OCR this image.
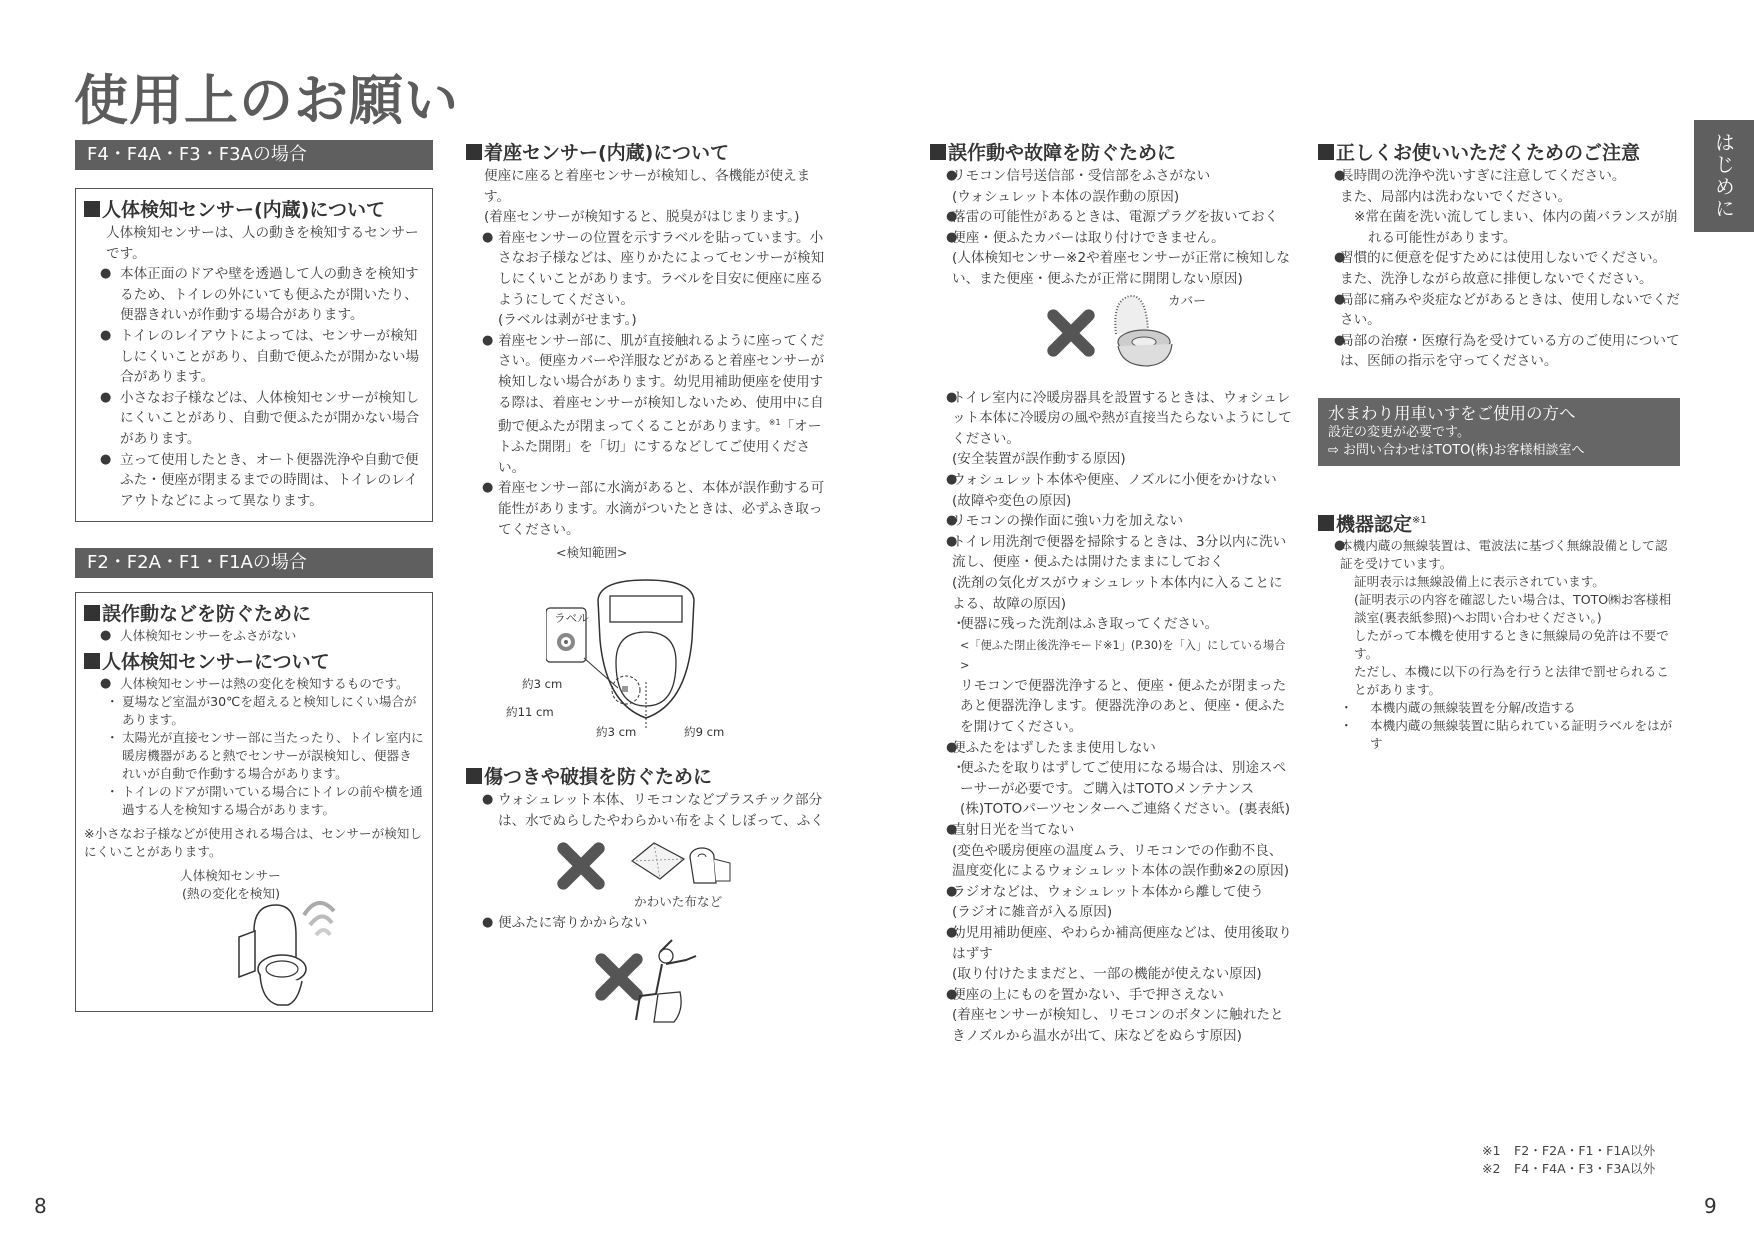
使用上のお願い
はじめに
F4・F4A・F3・F3Aの場合
人体検知センサー(内蔵)について
人体検知センサーは、人の動きを検知するセンサーです。
● 本体正面のドアや壁を透過して人の動きを検知するため、トイレの外にいても便ふたが開いたり、便器きれいが作動する場合があります。
● トイレのレイアウトによっては、センサーが検知しにくいことがあり、自動で便ふたが開かない場合があります。
● 小さなお子様などは、人体検知センサーが検知しにくいことがあり、自動で便ふたが開かない場合があります。
● 立って使用したとき、オート便器洗浄や自動で便ふた・便座が閉まるまでの時間は、トイレのレイアウトなどによって異なります。
F2・F2A・F1・F1Aの場合
誤作動などを防ぐために
● 人体検知センサーをふさがない
人体検知センサーについて
● 人体検知センサーは熱の変化を検知するものです。
・ 夏場など室温が30℃を超えると検知しにくい場合があります。
・ 太陽光が直接センサー部に当たったり、トイレ室内に暖房機器があると熱でセンサーが誤検知し、便器きれいが自動で作動する場合があります。
・ トイレのドアが開いている場合にトイレの前や横を通過する人を検知する場合があります。
※小さなお子様などが使用される場合は、センサーが検知しにくいことがあります。
人体検知センサー
(熱の変化を検知)
着座センサー(内蔵)について
便座に座ると着座センサーが検知し、各機能が使えます。
(着座センサーが検知すると、脱臭がはじまります。)
● 着座センサーの位置を示すラベルを貼っています。小さなお子様などは、座りかたによってセンサーが検知しにくいことがあります。ラベルを目安に便座に座るようにしてください。
(ラベルは剥がせます。)
● 着座センサー部に、肌が直接触れるように座ってください。便座カバーや洋服などがあると着座センサーが検知しない場合があります。幼児用補助便座を使用する際は、着座センサーが検知しないため、使用中に自動で便ふたが閉まってくることがあります。$^{※1}$「オートふた開閉」を「切」にするなどしてご使用ください。
● 着座センサー部に水滴があると、本体が誤作動する可能性があります。水滴がついたときは、必ずふき取ってください。
<検知範囲>
ラベル
約3 cm
約11 cm
約3 cm	約9 cm
傷つきや破損を防ぐために
● ウォシュレット本体、リモコンなどプラスチック部分は、水でぬらしたやわらかい布をよくしぼって、ふく
かわいた布など
● 便ふたに寄りかからない
誤作動や故障を防ぐために
● リモコン信号送信部・受信部をふさがない
(ウォシュレット本体の誤作動の原因)
● 落雷の可能性があるときは、電源プラグを抜いておく
● 便座・便ふたカバーは取り付けできません。
(人体検知センサー※2や着座センサーが正常に検知しない、また便座・便ふたが正常に開閉しない原因)
カバー
● トイレ室内に冷暖房器具を設置するときは、ウォシュレット本体に冷暖房の風や熱が直接当たらないようにしてください。
(安全装置が誤作動する原因)
● ウォシュレット本体や便座、ノズルに小便をかけない
(故障や変色の原因)
● リモコンの操作面に強い力を加えない
● トイレ用洗剤で便器を掃除するときは、3分以内に洗い流し、便座・便ふたは開けたままにしておく
(洗剤の気化ガスがウォシュレット本体内に入ることによる、故障の原因)
・ 便器に残った洗剤はふき取ってください。
<「便ふた閉止後洗浄モード※1」(P.30)を「入」にしている場合>
リモコンで便器洗浄すると、便座・便ふたが閉まったあと便器洗浄します。便器洗浄のあと、便座・便ふたを開けてください。
● 便ふたをはずしたまま使用しない
・ 便ふたを取りはずしてご使用になる場合は、別途スペーサーが必要です。ご購入はTOTOメンテナンス(株)TOTOパーツセンターへご連絡ください。(裏表紙)
● 直射日光を当てない
(変色や暖房便座の温度ムラ、リモコンでの作動不良、温度変化によるウォシュレット本体の誤作動※2の原因)
● ラジオなどは、ウォシュレット本体から離して使う
(ラジオに雑音が入る原因)
● 幼児用補助便座、やわらか補高便座などは、使用後取りはずす
(取り付けたままだと、一部の機能が使えない原因)
● 便座の上にものを置かない、手で押さえない
(着座センサーが検知し、リモコンのボタンに触れたときノズルから温水が出て、床などをぬらす原因)
正しくお使いいただくためのご注意
● 長時間の洗浄や洗いすぎに注意してください。
また、局部内は洗わないでください。
※常在菌を洗い流してしまい、体内の菌バランスが崩れる可能性があります。
● 習慣的に便意を促すためには使用しないでください。
また、洗浄しながら故意に排便しないでください。
● 局部に痛みや炎症などがあるときは、使用しないでください。
● 局部の治療・医療行為を受けている方のご使用については、医師の指示を守ってください。
水まわり用車いすをご使用の方へ
設定の変更が必要です。
⇨ お問い合わせはTOTO(株)お客様相談室へ
機器認定$^{※1}$
● 本機内蔵の無線装置は、電波法に基づく無線設備として認証を受けています。
証明表示は無線設備上に表示されています。
(証明表示の内容を確認したい場合は、TOTO㈱お客様相談室(裏表紙参照)へお問い合わせください。)
したがって本機を使用するときに無線局の免許は不要です。
ただし、本機に以下の行為を行うと法律で罰せられることがあります。
・ 本機内蔵の無線装置を分解/改造する
・ 本機内蔵の無線装置に貼られている証明ラベルをはがす
※1 F2・F2A・F1・F1A以外
※2 F4・F4A・F3・F3A以外
8	9
